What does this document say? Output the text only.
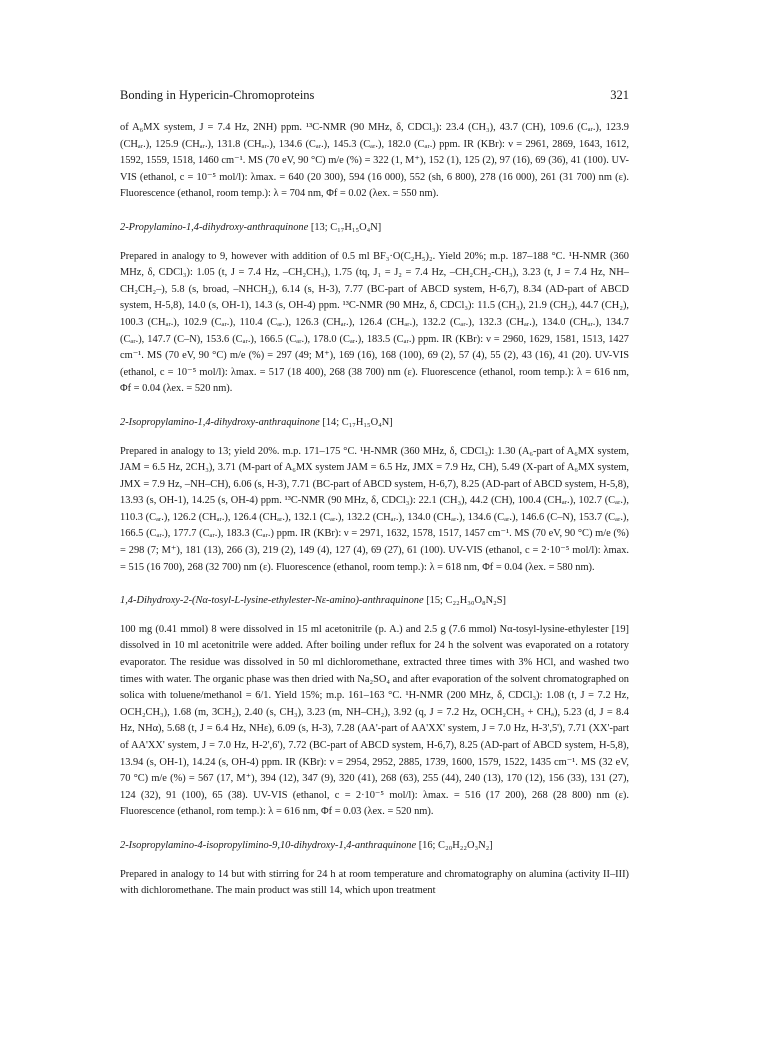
Bonding in Hypericin-Chromoproteins	321

of A₆MX system, J = 7.4 Hz, 2NH) ppm. ¹³C-NMR (90 MHz, δ, CDCl₃): 23.4 (CH₃), 43.7 (CH), 109.6 (Cₐᵣ.), 123.9 (CHₐᵣ.), 125.9 (CHₐᵣ.), 131.8 (CHₐᵣ.), 134.6 (Cₐᵣ.), 145.3 (Cₐᵣ.), 182.0 (Cₐᵣ.) ppm. IR (KBr): ν = 2961, 2869, 1643, 1612, 1592, 1559, 1518, 1460 cm⁻¹. MS (70 eV, 90 °C) m/e (%) = 322 (1, M⁺), 152 (1), 125 (2), 97 (16), 69 (36), 41 (100). UV-VIS (ethanol, c = 10⁻⁵ mol/l): λmax. = 640 (20 300), 594 (16 000), 552 (sh, 6 800), 278 (16 000), 261 (31 700) nm (ε). Fluorescence (ethanol, room temp.): λ = 704 nm, Φf = 0.02 (λex. = 550 nm).

2-Propylamino-1,4-dihydroxy-anthraquinone [13; C₁₇H₁₅O₄N]

Prepared in analogy to 9, however with addition of 0.5 ml BF₃·O(C₂H₅)₂. Yield 20%; m.p. 187–188 °C. ¹H-NMR (360 MHz, δ, CDCl₃): 1.05 (t, J = 7.4 Hz, –CH₂CH₃), 1.75 (tq, J₁ = J₂ = 7.4 Hz, –CH₂CH₂-CH₃), 3.23 (t, J = 7.4 Hz, NH–CH₂CH₂–), 5.8 (s, broad, –NHCH₂), 6.14 (s, H-3), 7.77 (BC-part of ABCD system, H-6,7), 8.34 (AD-part of ABCD system, H-5,8), 14.0 (s, OH-1), 14.3 (s, OH-4) ppm. ¹³C-NMR (90 MHz, δ, CDCl₃): 11.5 (CH₃), 21.9 (CH₂), 44.7 (CH₂), 100.3 (CHₐᵣ.), 102.9 (Cₐᵣ.), 110.4 (Cₐᵣ.), 126.3 (CHₐᵣ.), 126.4 (CHₐᵣ.), 132.2 (Cₐᵣ.), 132.3 (CHₐᵣ.), 134.0 (CHₐᵣ.), 134.7 (Cₐᵣ.), 147.7 (C–N), 153.6 (Cₐᵣ.), 166.5 (Cₐᵣ.), 178.0 (Cₐᵣ.), 183.5 (Cₐᵣ.) ppm. IR (KBr): ν = 2960, 1629, 1581, 1513, 1427 cm⁻¹. MS (70 eV, 90 °C) m/e (%) = 297 (49; M⁺), 169 (16), 168 (100), 69 (2), 57 (4), 55 (2), 43 (16), 41 (20). UV-VIS (ethanol, c = 10⁻⁵ mol/l): λmax. = 517 (18 400), 268 (38 700) nm (ε). Fluorescence (ethanol, room temp.): λ = 616 nm, Φf = 0.04 (λex. = 520 nm).

2-Isopropylamino-1,4-dihydroxy-anthraquinone [14; C₁₇H₁₅O₄N]

Prepared in analogy to 13; yield 20%. m.p. 171–175 °C. ¹H-NMR (360 MHz, δ, CDCl₃): 1.30 (A₆-part of A₆MX system, JAM = 6.5 Hz, 2CH₃), 3.71 (M-part of A₆MX system JAM = 6.5 Hz, JMX = 7.9 Hz, CH), 5.49 (X-part of A₆MX system, JMX = 7.9 Hz, –NH–CH), 6.06 (s, H-3), 7.71 (BC-part of ABCD system, H-6,7), 8.25 (AD-part of ABCD system, H-5,8), 13.93 (s, OH-1), 14.25 (s, OH-4) ppm. ¹³C-NMR (90 MHz, δ, CDCl₃): 22.1 (CH₃), 44.2 (CH), 100.4 (CHₐᵣ.), 102.7 (Cₐᵣ.), 110.3 (Cₐᵣ.), 126.2 (CHₐᵣ.), 126.4 (CHₐᵣ.), 132.1 (Cₐᵣ.), 132.2 (CHₐᵣ.), 134.0 (CHₐᵣ.), 134.6 (Cₐᵣ.), 146.6 (C–N), 153.7 (Cₐᵣ.), 166.5 (Cₐᵣ.), 177.7 (Cₐᵣ.), 183.3 (Cₐᵣ.) ppm. IR (KBr): ν = 2971, 1632, 1578, 1517, 1457 cm⁻¹. MS (70 eV, 90 °C) m/e (%) = 298 (7; M⁺), 181 (13), 266 (3), 219 (2), 149 (4), 127 (4), 69 (27), 61 (100). UV-VIS (ethanol, c = 2·10⁻⁵ mol/l): λmax. = 515 (16 700), 268 (32 700) nm (ε). Fluorescence (ethanol, room temp.): λ = 618 nm, Φf = 0.04 (λex. = 580 nm).

1,4-Dihydroxy-2-(Nα-tosyl-L-lysine-ethylester-Nε-amino)-anthraquinone [15; C₂₂H₃₀O₈N₂S]

100 mg (0.41 mmol) 8 were dissolved in 15 ml acetonitrile (p. A.) and 2.5 g (7.6 mmol) Nα-tosyl-lysine-ethylester [19] dissolved in 10 ml acetonitrile were added. After boiling under reflux for 24 h the solvent was evaporated on a rotatory evaporator. The residue was dissolved in 50 ml dichloromethane, extracted three times with 3% HCl, and washed two times with water. The organic phase was then dried with Na₂SO₄ and after evaporation of the solvent chromatographed on solica with toluene/methanol = 6/1. Yield 15%; m.p. 161–163 °C. ¹H-NMR (200 MHz, δ, CDCl₃): 1.08 (t, J = 7.2 Hz, OCH₂CH₃), 1.68 (m, 3CH₂), 2.40 (s, CH₃), 3.23 (m, NH–CH₂), 3.92 (q, J = 7.2 Hz, OCH₂CH₃ + CHₐ), 5.23 (d, J = 8.4 Hz, NHα), 5.68 (t, J = 6.4 Hz, NHε), 6.09 (s, H-3), 7.28 (AA'-part of AA'XX' system, J = 7.0 Hz, H-3',5'), 7.71 (XX'-part of AA'XX' system, J = 7.0 Hz, H-2',6'), 7.72 (BC-part of ABCD system, H-6,7), 8.25 (AD-part of ABCD system, H-5,8), 13.94 (s, OH-1), 14.24 (s, OH-4) ppm. IR (KBr): ν = 2954, 2952, 2885, 1739, 1600, 1579, 1522, 1435 cm⁻¹. MS (32 eV, 70 °C) m/e (%) = 567 (17, M⁺), 394 (12), 347 (9), 320 (41), 268 (63), 255 (44), 240 (13), 170 (12), 156 (33), 131 (27), 124 (32), 91 (100), 65 (38). UV-VIS (ethanol, c = 2·10⁻⁵ mol/l): λmax. = 516 (17 200), 268 (28 800) nm (ε). Fluorescence (ethanol, rom temp.): λ = 616 nm, Φf = 0.03 (λex. = 520 nm).

2-Isopropylamino-4-isopropylimino-9,10-dihydroxy-1,4-anthraquinone [16; C₂₀H₂₂O₃N₂]

Prepared in analogy to 14 but with stirring for 24 h at room temperature and chromatography on alumina (activity II–III) with dichloromethane. The main product was still 14, which upon treatment
